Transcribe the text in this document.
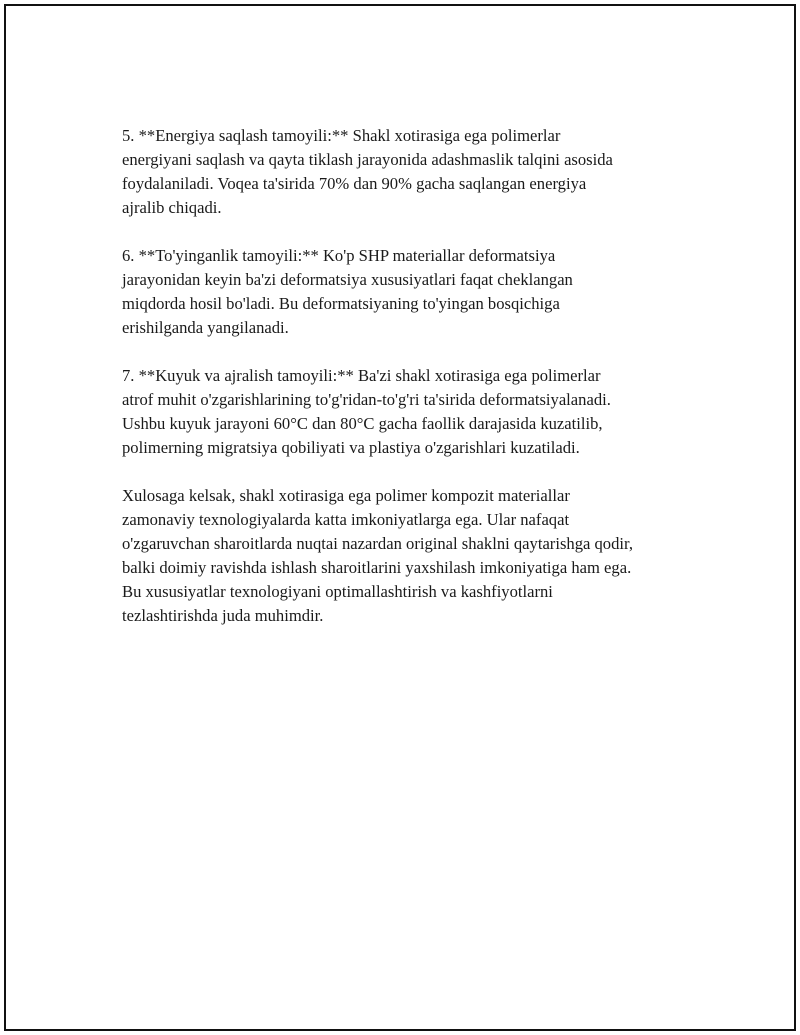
5. **Energiya saqlash tamoyili:** Shakl xotirasiga ega polimerlar
energiyani saqlash va qayta tiklash jarayonida adashmaslik talqini asosida
foydalaniladi. Voqea ta'sirida 70% dan 90% gacha saqlangan energiya
ajralib chiqadi.

6. **To'yinganlik tamoyili:** Ko'p SHP materiallar deformatsiya
jarayonidan keyin ba'zi deformatsiya xususiyatlari faqat cheklangan
miqdorda hosil bo'ladi. Bu deformatsiyaning to'yingan bosqichiga
erishilganda yangilanadi.

7. **Kuyuk va ajralish tamoyili:** Ba'zi shakl xotirasiga ega polimerlar
atrof muhit o'zgarishlarining to'g'ridan-to'g'ri ta'sirida deformatsiyalanadi.
Ushbu kuyuk jarayoni 60°C dan 80°C gacha faollik darajasida kuzatilib,
polimerning migratsiya qobiliyati va plastiya o'zgarishlari kuzatiladi.

Xulosaga kelsak, shakl xotirasiga ega polimer kompozit materiallar
zamonaviy texnologiyalarda katta imkoniyatlarga ega. Ular nafaqat
o'zgaruvchan sharoitlarda nuqtai nazardan original shaklni qaytarishga qodir,
balki doimiy ravishda ishlash sharoitlarini yaxshilash imkoniyatiga ham ega.
Bu xususiyatlar texnologiyani optimallashtirish va kashfiyotlarni
tezlashtirishda juda muhimdir.
